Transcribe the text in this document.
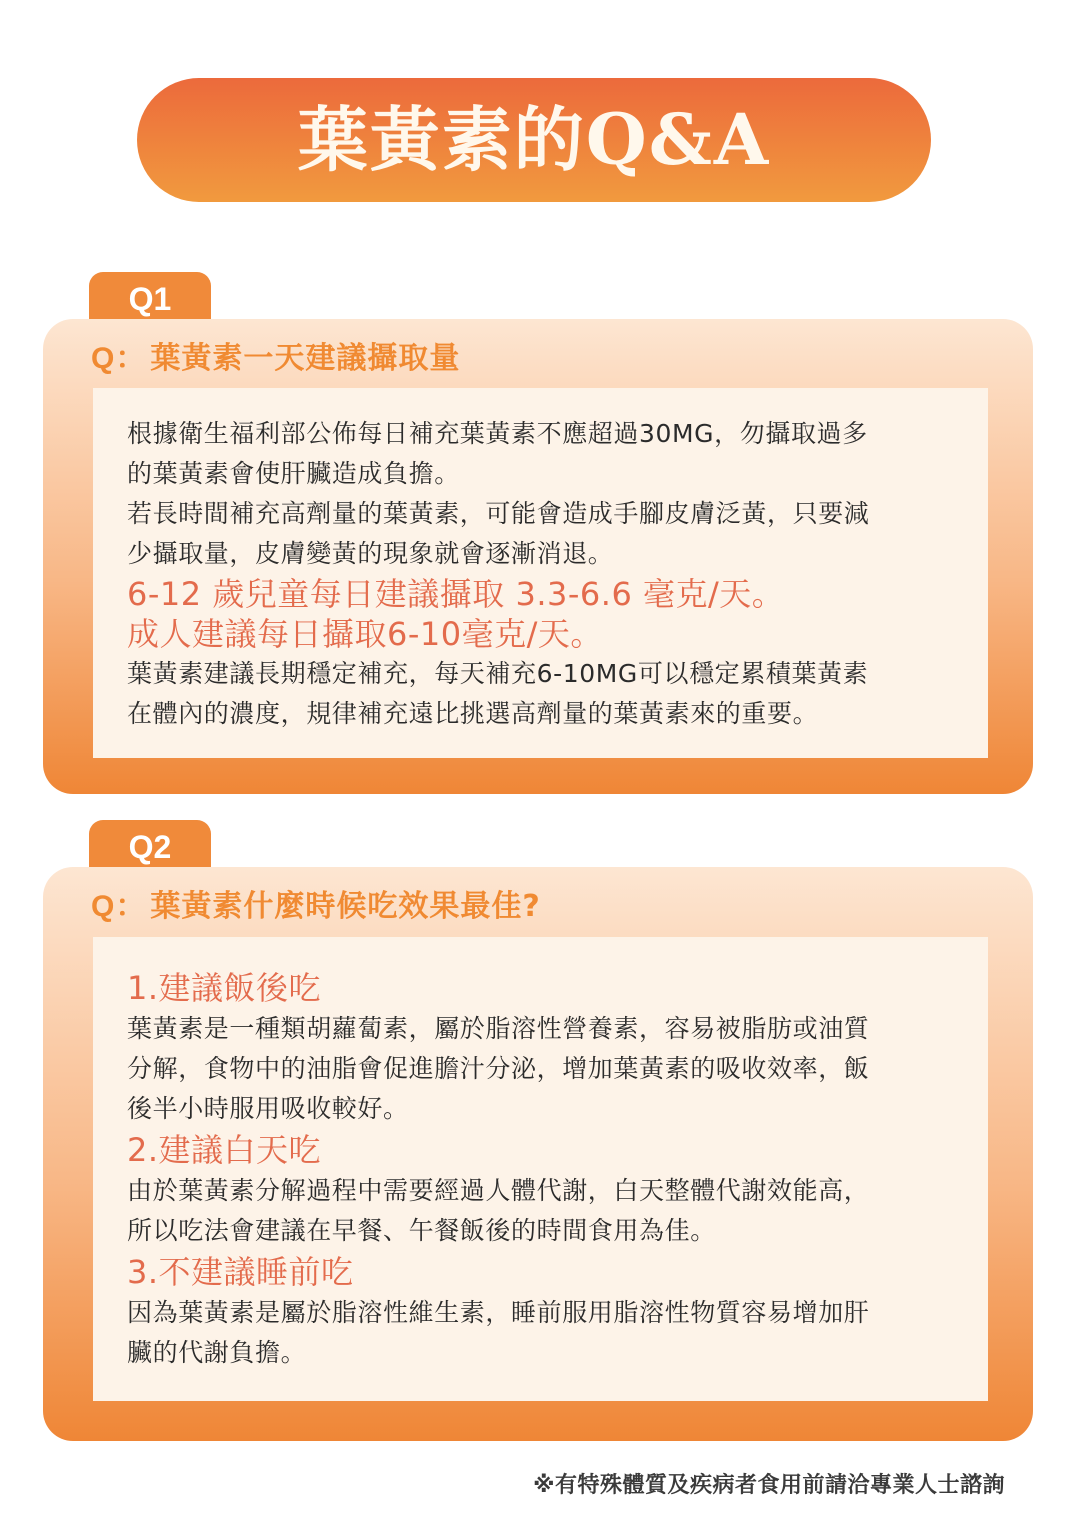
葉黃素的Q&A
Q1
Q： 葉黃素一天建議攝取量

根據衛生福利部公佈每日補充葉黃素不應超過30MG，勿攝取過多

的葉黃素會使肝臟造成負擔。

若長時間補充高劑量的葉黃素，可能會造成手腳皮膚泛黃，只要減

少攝取量，皮膚變黃的現象就會逐漸消退。

6-12 歲兒童每日建議攝取 3.3-6.6 毫克/天。

成人建議每日攝取6-10毫克/天。

葉黃素建議長期穩定補充，每天補充6-10MG可以穩定累積葉黃素

在體內的濃度，規律補充遠比挑選高劑量的葉黃素來的重要。

Q2
Q： 葉黃素什麼時候吃效果最佳?

1.建議飯後吃

葉黃素是一種類胡蘿蔔素，屬於脂溶性營養素，容易被脂肪或油質

分解，食物中的油脂會促進膽汁分泌，增加葉黃素的吸收效率，飯

後半小時服用吸收較好。

2.建議白天吃

由於葉黃素分解過程中需要經過人體代謝，白天整體代謝效能高，

所以吃法會建議在早餐、午餐飯後的時間食用為佳。

3.不建議睡前吃

因為葉黃素是屬於脂溶性維生素，睡前服用脂溶性物質容易增加肝

臟的代謝負擔。

※有特殊體質及疾病者食用前請洽專業人士諮詢
